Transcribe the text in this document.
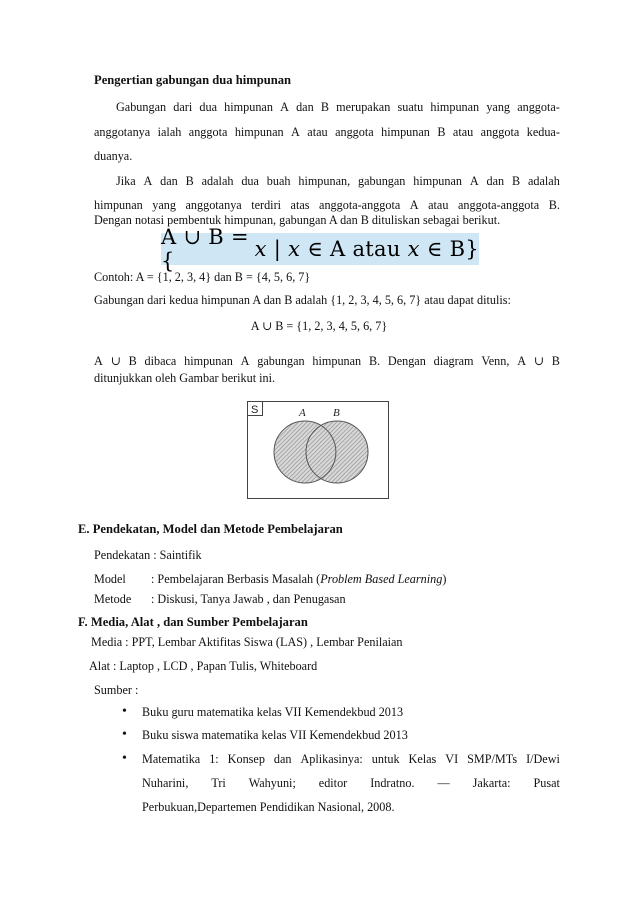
Pengertian gabungan dua himpunan
Gabungan dari dua himpunan A dan B merupakan suatu himpunan yang anggota-
anggotanya ialah anggota himpunan A atau anggota himpunan B atau anggota kedua-
duanya.
Jika A dan B adalah dua buah himpunan, gabungan himpunan A dan B adalah
himpunan yang anggotanya terdiri atas anggota-anggota A atau anggota-anggota B.
Dengan notasi pembentuk himpunan, gabungan A dan B dituliskan sebagai berikut.
A ∪ B = {	x | x ∈ A atau x ∈ B}
Contoh: A = {1, 2, 3, 4} dan B = {4, 5, 6, 7}
Gabungan dari kedua himpunan A dan B adalah {1, 2, 3, 4, 5, 6, 7} atau dapat ditulis:
A ∪ B = {1, 2, 3, 4, 5, 6, 7}
A ∪ B dibaca himpunan A gabungan himpunan B. Dengan diagram Venn, A ∪ B
ditunjukkan oleh Gambar berikut ini.
S	A B
E. Pendekatan, Model dan Metode Pembelajaran
Pendekatan : Saintifik
Model : Pembelajaran Berbasis Masalah (Problem Based Learning)
Metode : Diskusi, Tanya Jawab , dan Penugasan
F. Media, Alat , dan Sumber Pembelajaran
Media : PPT, Lembar Aktifitas Siswa (LAS) , Lembar Penilaian
Alat : Laptop , LCD , Papan Tulis, Whiteboard
Sumber :
• Buku guru matematika kelas VII Kemendekbud 2013
• Buku siswa matematika kelas VII Kemendekbud 2013
• Matematika 1: Konsep dan Aplikasinya: untuk Kelas VI SMP/MTs I/Dewi
Nuharini, Tri Wahyuni; editor Indratno. — Jakarta: Pusat
Perbukuan,Departemen Pendidikan Nasional, 2008.
